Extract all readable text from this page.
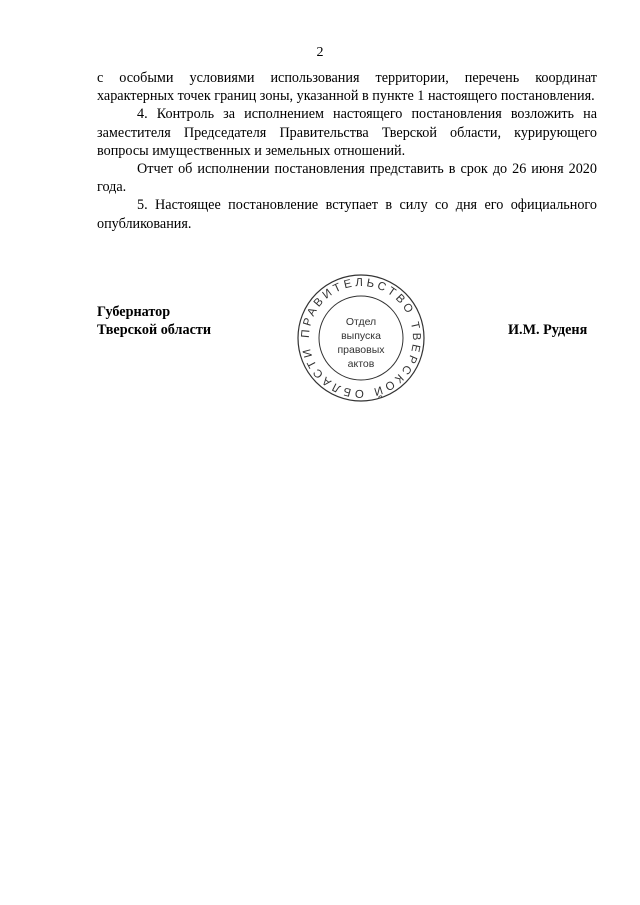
2

с особыми условиями использования территории, перечень координат характерных точек границ зоны, указанной в пункте 1 настоящего постановления.

4. Контроль за исполнением настоящего постановления возложить на заместителя Председателя Правительства Тверской области, курирующего вопросы имущественных и земельных отношений.

Отчет об исполнении постановления представить в срок до 26 июня 2020 года.

5. Настоящее постановление вступает в силу со дня его официального опубликования.

Губернатор
Тверской области	И.М. Руденя
ПРАВИТЕЛЬСТВО ТВЕРСКОЙ ОБЛАСТИ
Отдел
выпуска
правовых
актов
